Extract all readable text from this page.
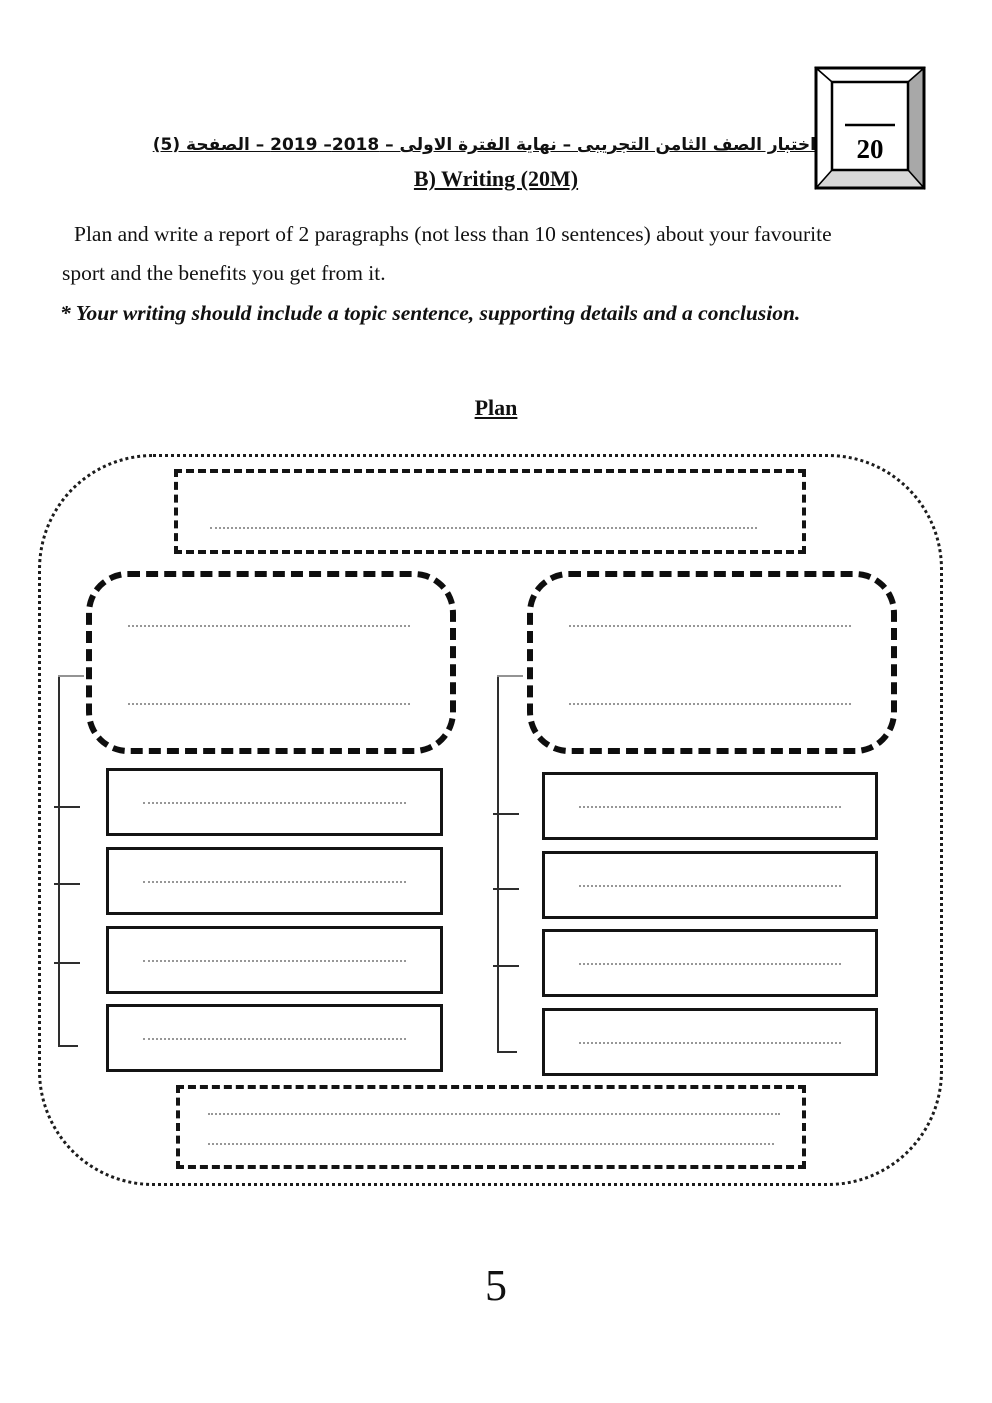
اختبار الصف الثامن التجريبى – نهاية الفترة الاولى – 2018– 2019 – الصفحة (5)
B) Writing (20M)
20
Plan and write a report of 2 paragraphs (not less than 10 sentences) about your favourite
sport and the benefits you get from it.
* Your writing should include a topic sentence, supporting details and a conclusion.
Plan
5
